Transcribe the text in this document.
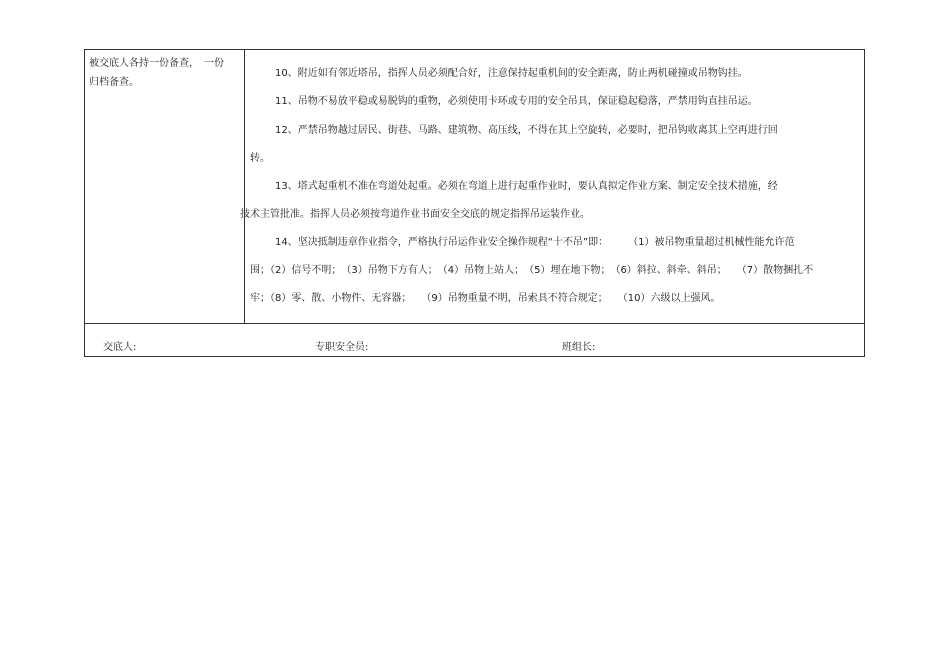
被交底人各持一份备查，　一份
归档备查。
10、附近如有邻近塔吊，指挥人员必须配合好，注意保持起重机间的安全距离，防止两机碰撞或吊物钩挂。
11、吊物不易放平稳或易脱钩的重物，必须使用卡环或专用的安全吊具，保证稳起稳落，严禁用钩直挂吊运。
12、严禁吊物越过居民、街巷、马路、建筑物、高压线，不得在其上空旋转，必要时，把吊钩收离其上空再进行回
转。
13、塔式起重机不准在弯道处起重。必须在弯道上进行起重作业时，要认真拟定作业方案、制定安全技术措施，经
技术主管批准。指挥人员必须按弯道作业书面安全交底的规定指挥吊运装作业。
14、坚决抵制违章作业指令，严格执行吊运作业安全操作规程“十不吊”即：　　　（1）被吊物重量超过机械性能允许范
围；（2）信号不明；　（3）吊物下方有人；　（4）吊物上站人；　（5）埋在地下物；　（6）斜拉、斜牵、斜吊；　　（7）散物捆扎不
牢；（8）零、散、小物件、无容器；　　（9）吊物重量不明，吊索具不符合规定；　　（10）六级以上强风。
交底人:	专职安全员:	班组长:
